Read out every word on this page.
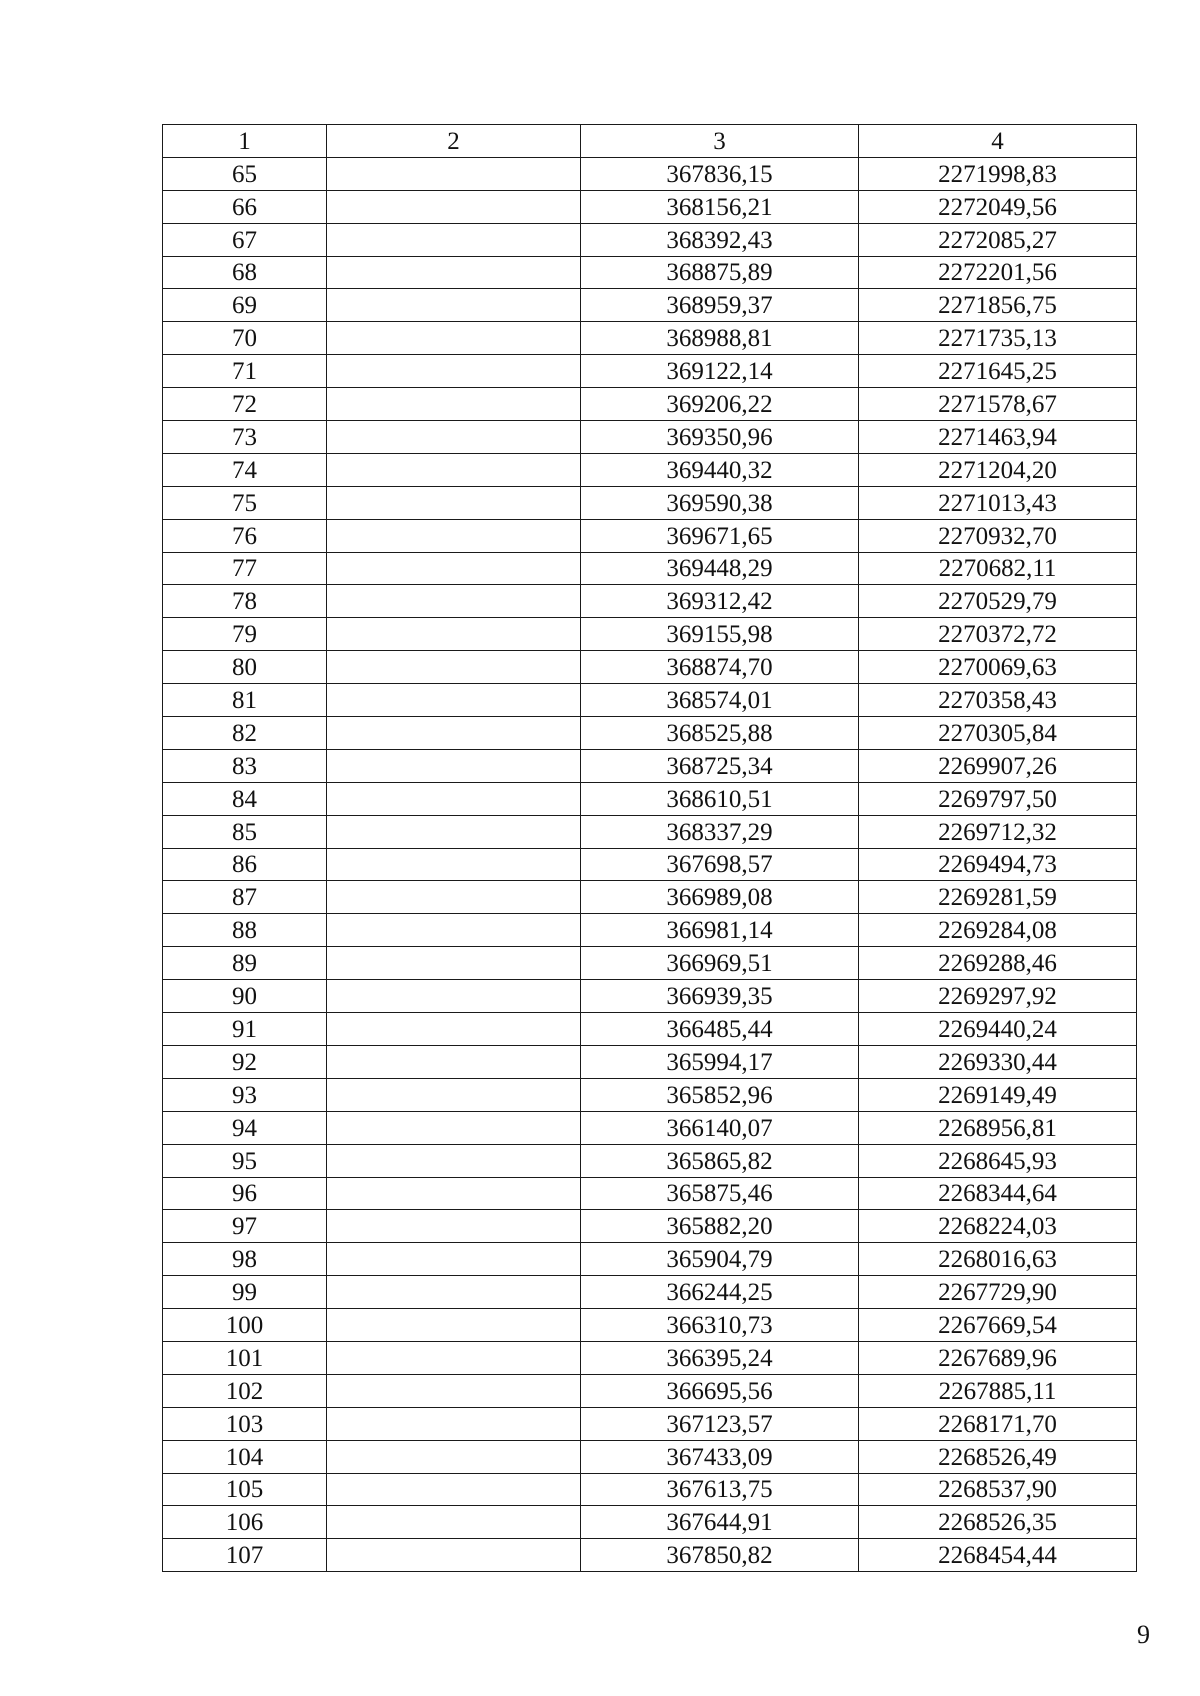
1	2	3	4
65		367836,15	2271998,83
66		368156,21	2272049,56
67		368392,43	2272085,27
68		368875,89	2272201,56
69		368959,37	2271856,75
70		368988,81	2271735,13
71		369122,14	2271645,25
72		369206,22	2271578,67
73		369350,96	2271463,94
74		369440,32	2271204,20
75		369590,38	2271013,43
76		369671,65	2270932,70
77		369448,29	2270682,11
78		369312,42	2270529,79
79		369155,98	2270372,72
80		368874,70	2270069,63
81		368574,01	2270358,43
82		368525,88	2270305,84
83		368725,34	2269907,26
84		368610,51	2269797,50
85		368337,29	2269712,32
86		367698,57	2269494,73
87		366989,08	2269281,59
88		366981,14	2269284,08
89		366969,51	2269288,46
90		366939,35	2269297,92
91		366485,44	2269440,24
92		365994,17	2269330,44
93		365852,96	2269149,49
94		366140,07	2268956,81
95		365865,82	2268645,93
96		365875,46	2268344,64
97		365882,20	2268224,03
98		365904,79	2268016,63
99		366244,25	2267729,90
100		366310,73	2267669,54
101		366395,24	2267689,96
102		366695,56	2267885,11
103		367123,57	2268171,70
104		367433,09	2268526,49
105		367613,75	2268537,90
106		367644,91	2268526,35
107		367850,82	2268454,44
9
